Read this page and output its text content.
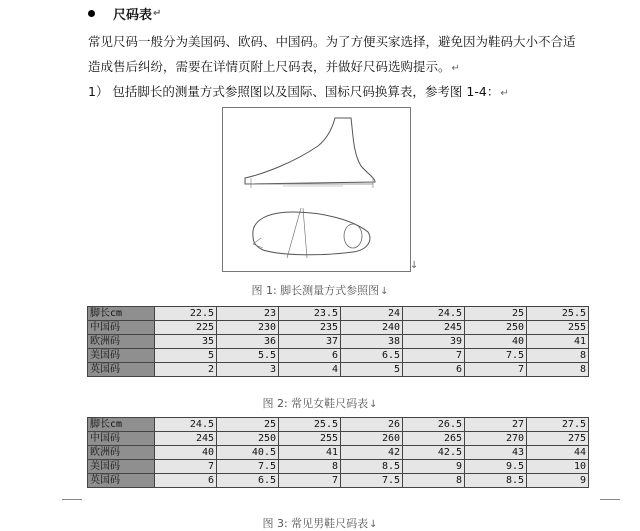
尺码表 ↵
常见尺码一般分为美国码、欧码、中国码。为了方便买家选择，避免因为鞋码大小不合适
造成售后纠纷，需要在详情页附上尺码表，并做好尺码选购提示。↵
1） 包括脚长的测量方式参照图以及国际、国标尺码换算表，参考图 1-4：↵
↓
图 1: 脚长测量方式参照图↓
脚长cm	22.5	23	23.5	24	24.5	25	25.5
中国码	225	230	235	240	245	250	255
欧洲码	35	36	37	38	39	40	41
美国码	5	5.5	6	6.5	7	7.5	8
英国码	2	3	4	5	6	7	8
图 2: 常见女鞋尺码表↓
脚长cm	24.5	25	25.5	26	26.5	27	27.5
中国码	245	250	255	260	265	270	275
欧洲码	40	40.5	41	42	42.5	43	44
美国码	7	7.5	8	8.5	9	9.5	10
英国码	6	6.5	7	7.5	8	8.5	9
图 3: 常见男鞋尺码表↓
